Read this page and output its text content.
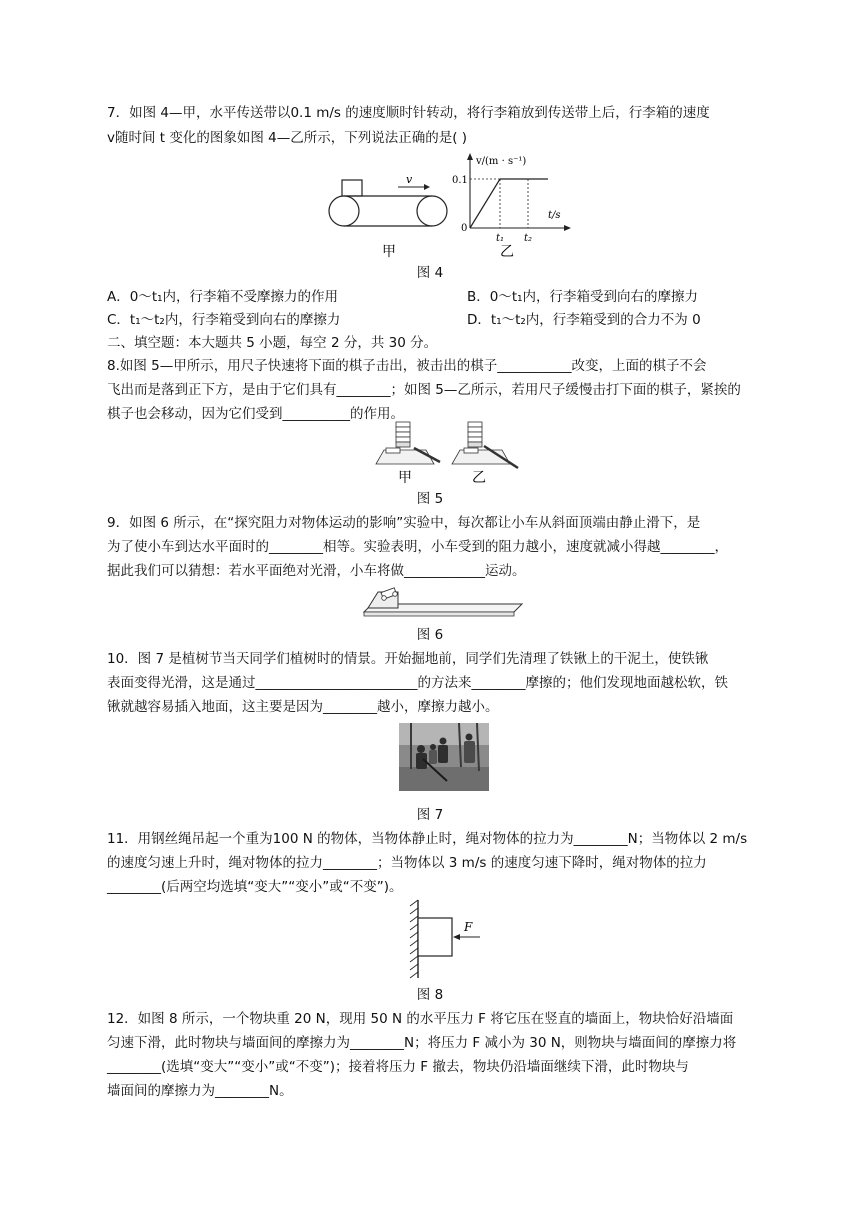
7．如图 4—甲，水平传送带以0.1 m/s 的速度顺时针转动，将行李箱放到传送带上后，行李箱的速度
v随时间 t 变化的图象如图 4—乙所示，下列说法正确的是( )
v
甲
v/(m · s⁻¹)
0.1
0
t/s
t₁ t₂
乙
图 4
A．0～t₁内，行李箱不受摩擦力的作用	B．0～t₁内，行李箱受到向右的摩擦力
C．t₁～t₂内，行李箱受到向右的摩擦力	D．t₁～t₂内，行李箱受到的合力不为 0
二、填空题：本大题共 5 小题，每空 2 分，共 30 分。
8.如图 5—甲所示，用尺子快速将下面的棋子击出，被击出的棋子___________改变，上面的棋子不会
飞出而是落到正下方，是由于它们具有________；如图 5—乙所示，若用尺子缓慢击打下面的棋子，紧挨的
棋子也会移动，因为它们受到__________的作用。
甲	乙
图 5
9．如图 6 所示，在“探究阻力对物体运动的影响”实验中，每次都让小车从斜面顶端由静止滑下，是
为了使小车到达水平面时的________相等。实验表明，小车受到的阻力越小，速度就减小得越________，
据此我们可以猜想：若水平面绝对光滑，小车将做____________运动。
图 6
10．图 7 是植树节当天同学们植树时的情景。开始掘地前，同学们先清理了铁锹上的干泥土，使铁锹
表面变得光滑，这是通过________________________的方法来________摩擦的；他们发现地面越松软，铁
锹就越容易插入地面，这主要是因为________越小，摩擦力越小。
图 7
11．用钢丝绳吊起一个重为100 N 的物体，当物体静止时，绳对物体的拉力为________N；当物体以 2 m/s
的速度匀速上升时，绳对物体的拉力________；当物体以 3 m/s 的速度匀速下降时，绳对物体的拉力
________(后两空均选填“变大”“变小”或“不变”)。
F
图 8
12．如图 8 所示，一个物块重 20 N，现用 50 N 的水平压力 F 将它压在竖直的墙面上，物块恰好沿墙面
匀速下滑，此时物块与墙面间的摩擦力为________N；将压力 F 减小为 30 N，则物块与墙面间的摩擦力将
________(选填“变大”“变小”或“不变”)；接着将压力 F 撤去，物块仍沿墙面继续下滑，此时物块与
墙面间的摩擦力为________N。
